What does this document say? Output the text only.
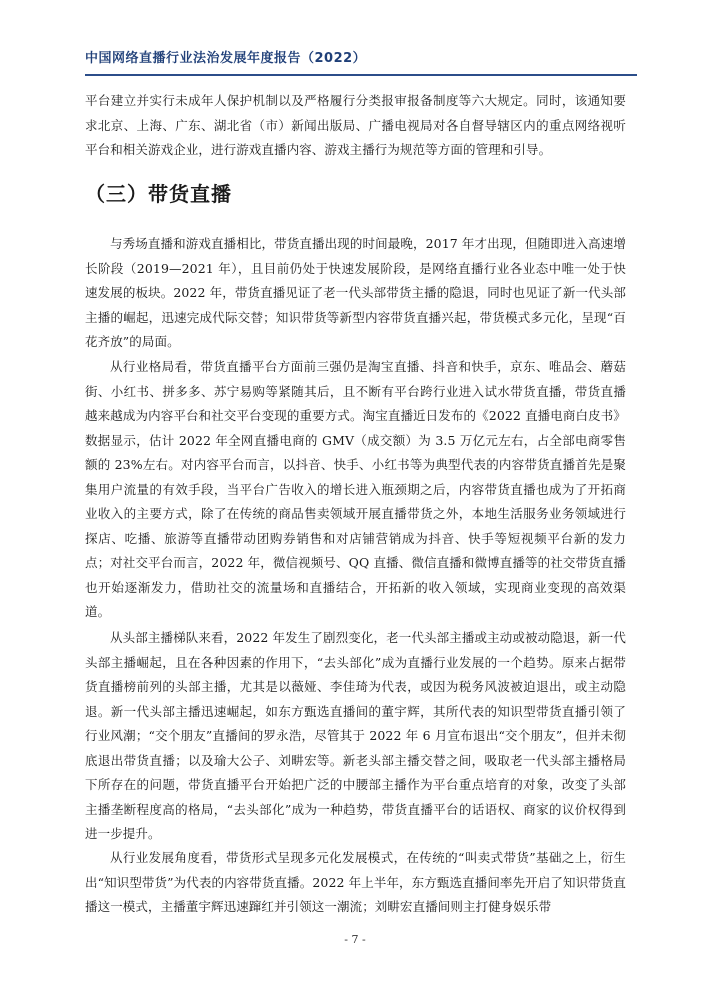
中国网络直播行业法治发展年度报告（2022）

平台建立并实行未成年人保护机制以及严格履行分类报审报备制度等六大规定。同时，该通知要求北京、上海、广东、湖北省（市）新闻出版局、广播电视局对各自督导辖区内的重点网络视听平台和相关游戏企业，进行游戏直播内容、游戏主播行为规范等方面的管理和引导。

（三）带货直播

与秀场直播和游戏直播相比，带货直播出现的时间最晚，2017 年才出现，但随即进入高速增长阶段（2019—2021 年），且目前仍处于快速发展阶段，是网络直播行业各业态中唯一处于快速发展的板块。2022 年，带货直播见证了老一代头部带货主播的隐退，同时也见证了新一代头部主播的崛起，迅速完成代际交替；知识带货等新型内容带货直播兴起，带货模式多元化，呈现“百花齐放”的局面。

从行业格局看，带货直播平台方面前三强仍是淘宝直播、抖音和快手，京东、唯品会、蘑菇街、小红书、拼多多、苏宁易购等紧随其后，且不断有平台跨行业进入试水带货直播，带货直播越来越成为内容平台和社交平台变现的重要方式。淘宝直播近日发布的《2022 直播电商白皮书》数据显示，估计 2022 年全网直播电商的 GMV（成交额）为 3.5 万亿元左右，占全部电商零售额的 23%左右。对内容平台而言，以抖音、快手、小红书等为典型代表的内容带货直播首先是聚集用户流量的有效手段，当平台广告收入的增长进入瓶颈期之后，内容带货直播也成为了开拓商业收入的主要方式，除了在传统的商品售卖领域开展直播带货之外，本地生活服务业务领域进行探店、吃播、旅游等直播带动团购券销售和对店铺营销成为抖音、快手等短视频平台新的发力点；对社交平台而言，2022 年，微信视频号、QQ 直播、微信直播和微博直播等的社交带货直播也开始逐渐发力，借助社交的流量场和直播结合，开拓新的收入领域，实现商业变现的高效渠道。

从头部主播梯队来看，2022 年发生了剧烈变化，老一代头部主播或主动或被动隐退，新一代头部主播崛起，且在各种因素的作用下，“去头部化”成为直播行业发展的一个趋势。原来占据带货直播榜前列的头部主播，尤其是以薇娅、李佳琦为代表，或因为税务风波被迫退出，或主动隐退。新一代头部主播迅速崛起，如东方甄选直播间的董宇辉，其所代表的知识型带货直播引领了行业风潮；“交个朋友”直播间的罗永浩，尽管其于 2022 年 6 月宣布退出“交个朋友”，但并未彻底退出带货直播；以及瑜大公子、刘畊宏等。新老头部主播交替之间，吸取老一代头部主播格局下所存在的问题，带货直播平台开始把广泛的中腰部主播作为平台重点培育的对象，改变了头部主播垄断程度高的格局，“去头部化”成为一种趋势，带货直播平台的话语权、商家的议价权得到进一步提升。

从行业发展角度看，带货形式呈现多元化发展模式，在传统的“叫卖式带货”基础之上，衍生出“知识型带货”为代表的内容带货直播。2022 年上半年，东方甄选直播间率先开启了知识带货直播这一模式，主播董宇辉迅速蹿红并引领这一潮流；刘畊宏直播间则主打健身娱乐带

- 7 -
